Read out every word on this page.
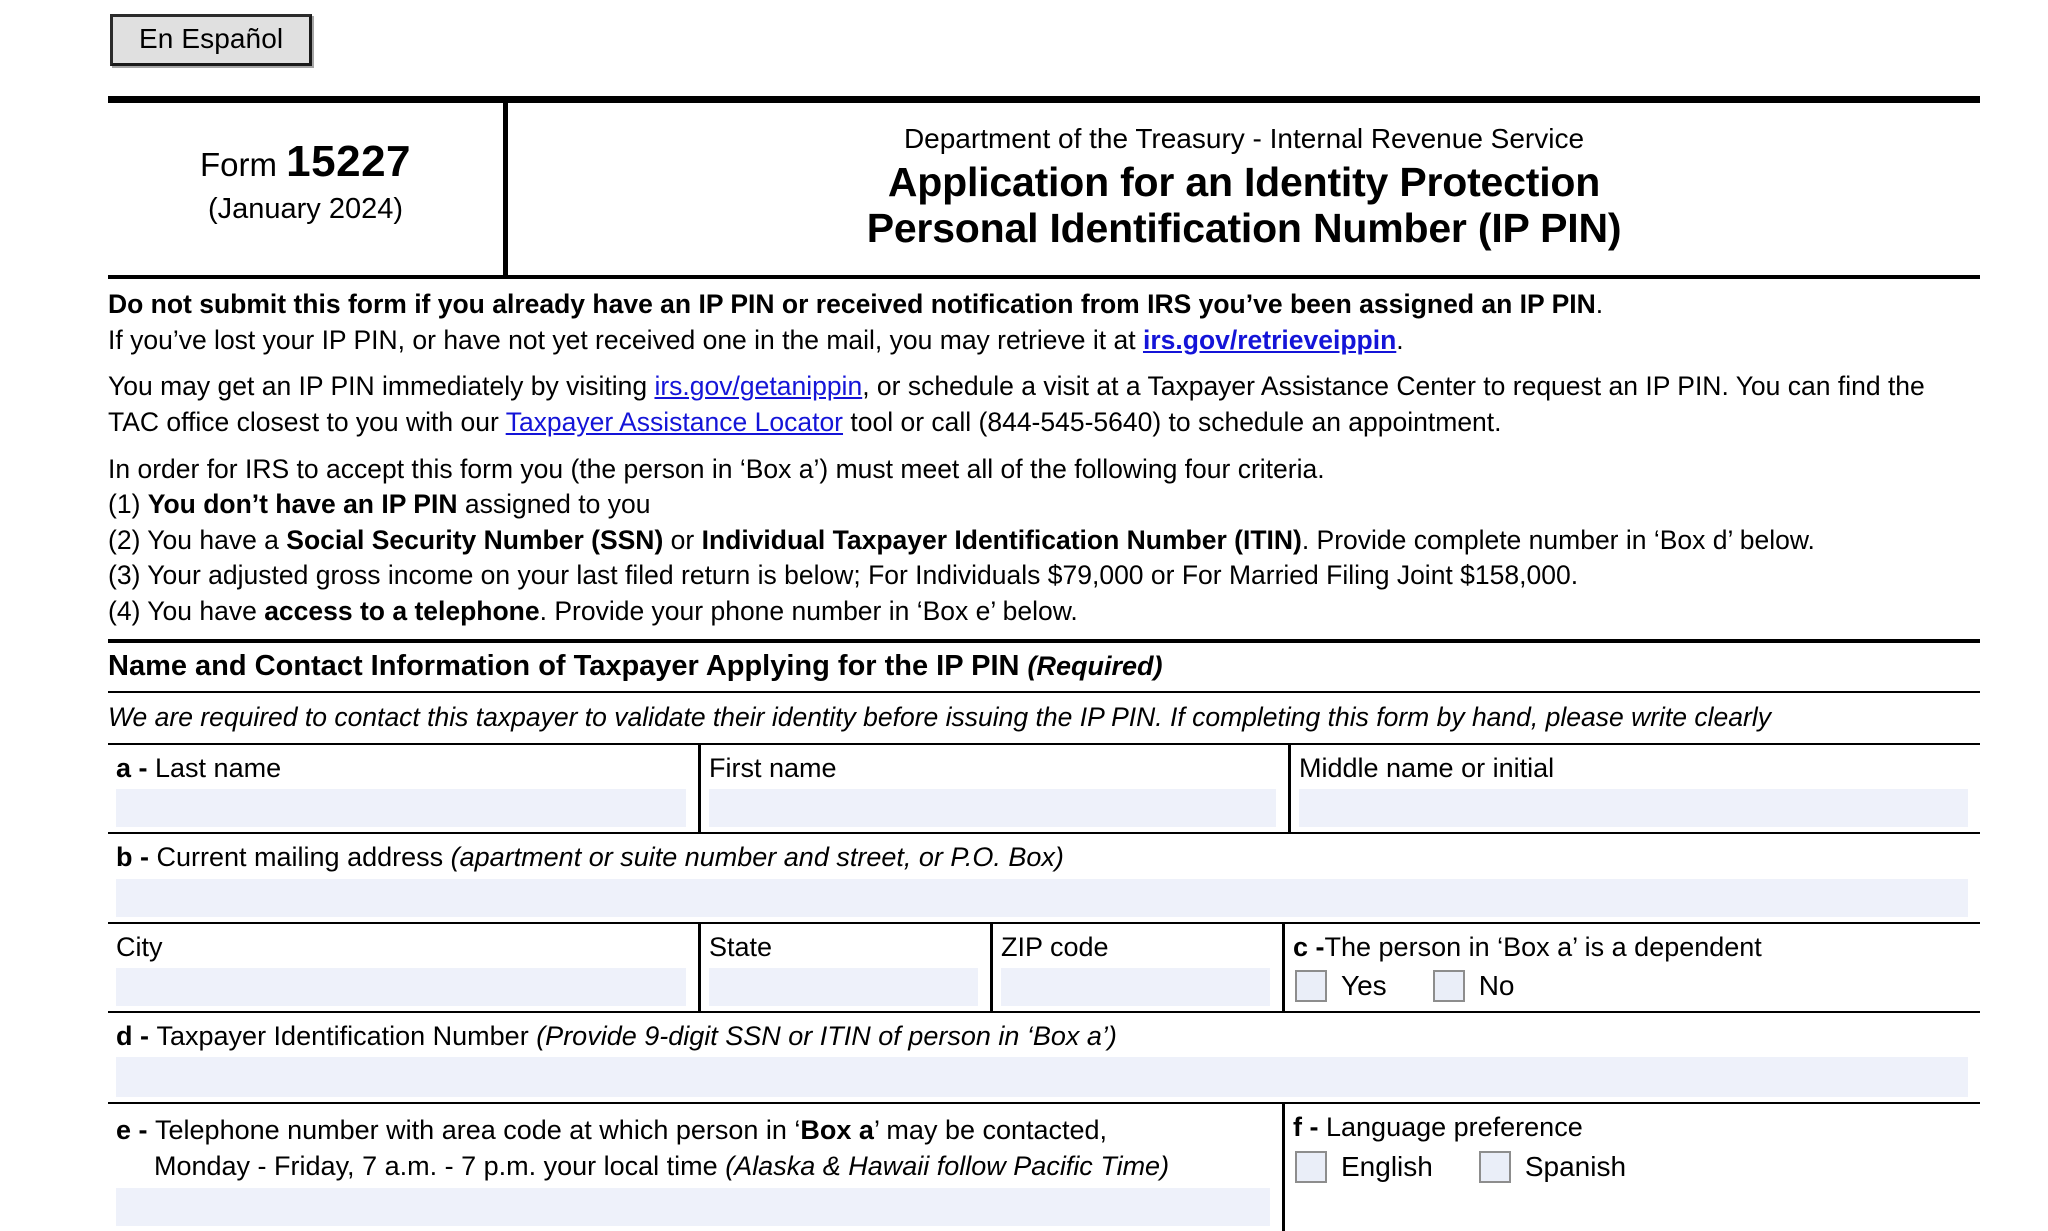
En Español
Form 15227
(January 2024)
Department of the Treasury - Internal Revenue Service
Application for an Identity Protection
Personal Identification Number (IP PIN)

Do not submit this form if you already have an IP PIN or received notification from IRS you’ve been assigned an IP PIN.

If you’ve lost your IP PIN, or have not yet received one in the mail, you may retrieve it at irs.gov/retrieveippin.

You may get an IP PIN immediately by visiting irs.gov/getanippin, or schedule a visit at a Taxpayer Assistance Center to request an IP PIN. You can find the TAC office closest to you with our Taxpayer Assistance Locator tool or call (844-545-5640) to schedule an appointment.

In order for IRS to accept this form you (the person in ‘Box a’) must meet all of the following four criteria.

(1) You don’t have an IP PIN assigned to you

(2) You have a Social Security Number (SSN) or Individual Taxpayer Identification Number (ITIN). Provide complete number in ‘Box d’ below.

(3) Your adjusted gross income on your last filed return is below; For Individuals $79,000 or For Married Filing Joint $158,000.

(4) You have access to a telephone. Provide your phone number in ‘Box e’ below.

Name and Contact Information of Taxpayer Applying for the IP PIN (Required)
We are required to contact this taxpayer to validate their identity before issuing the IP PIN. If completing this form by hand, please write clearly
a - Last name	First name	Middle name or initial
b - Current mailing address (apartment or suite number and street, or P.O. Box)
City	State	ZIP code	c -The person in ‘Box a’ is a dependent
Yes	No
d - Taxpayer Identification Number (Provide 9-digit SSN or ITIN of person in ‘Box a’)
e - Telephone number with area code at which person in ‘Box a’ may be contacted,
Monday - Friday, 7 a.m. - 7 p.m. your local time (Alaska & Hawaii follow Pacific Time)
f - Language preference
English	Spanish
